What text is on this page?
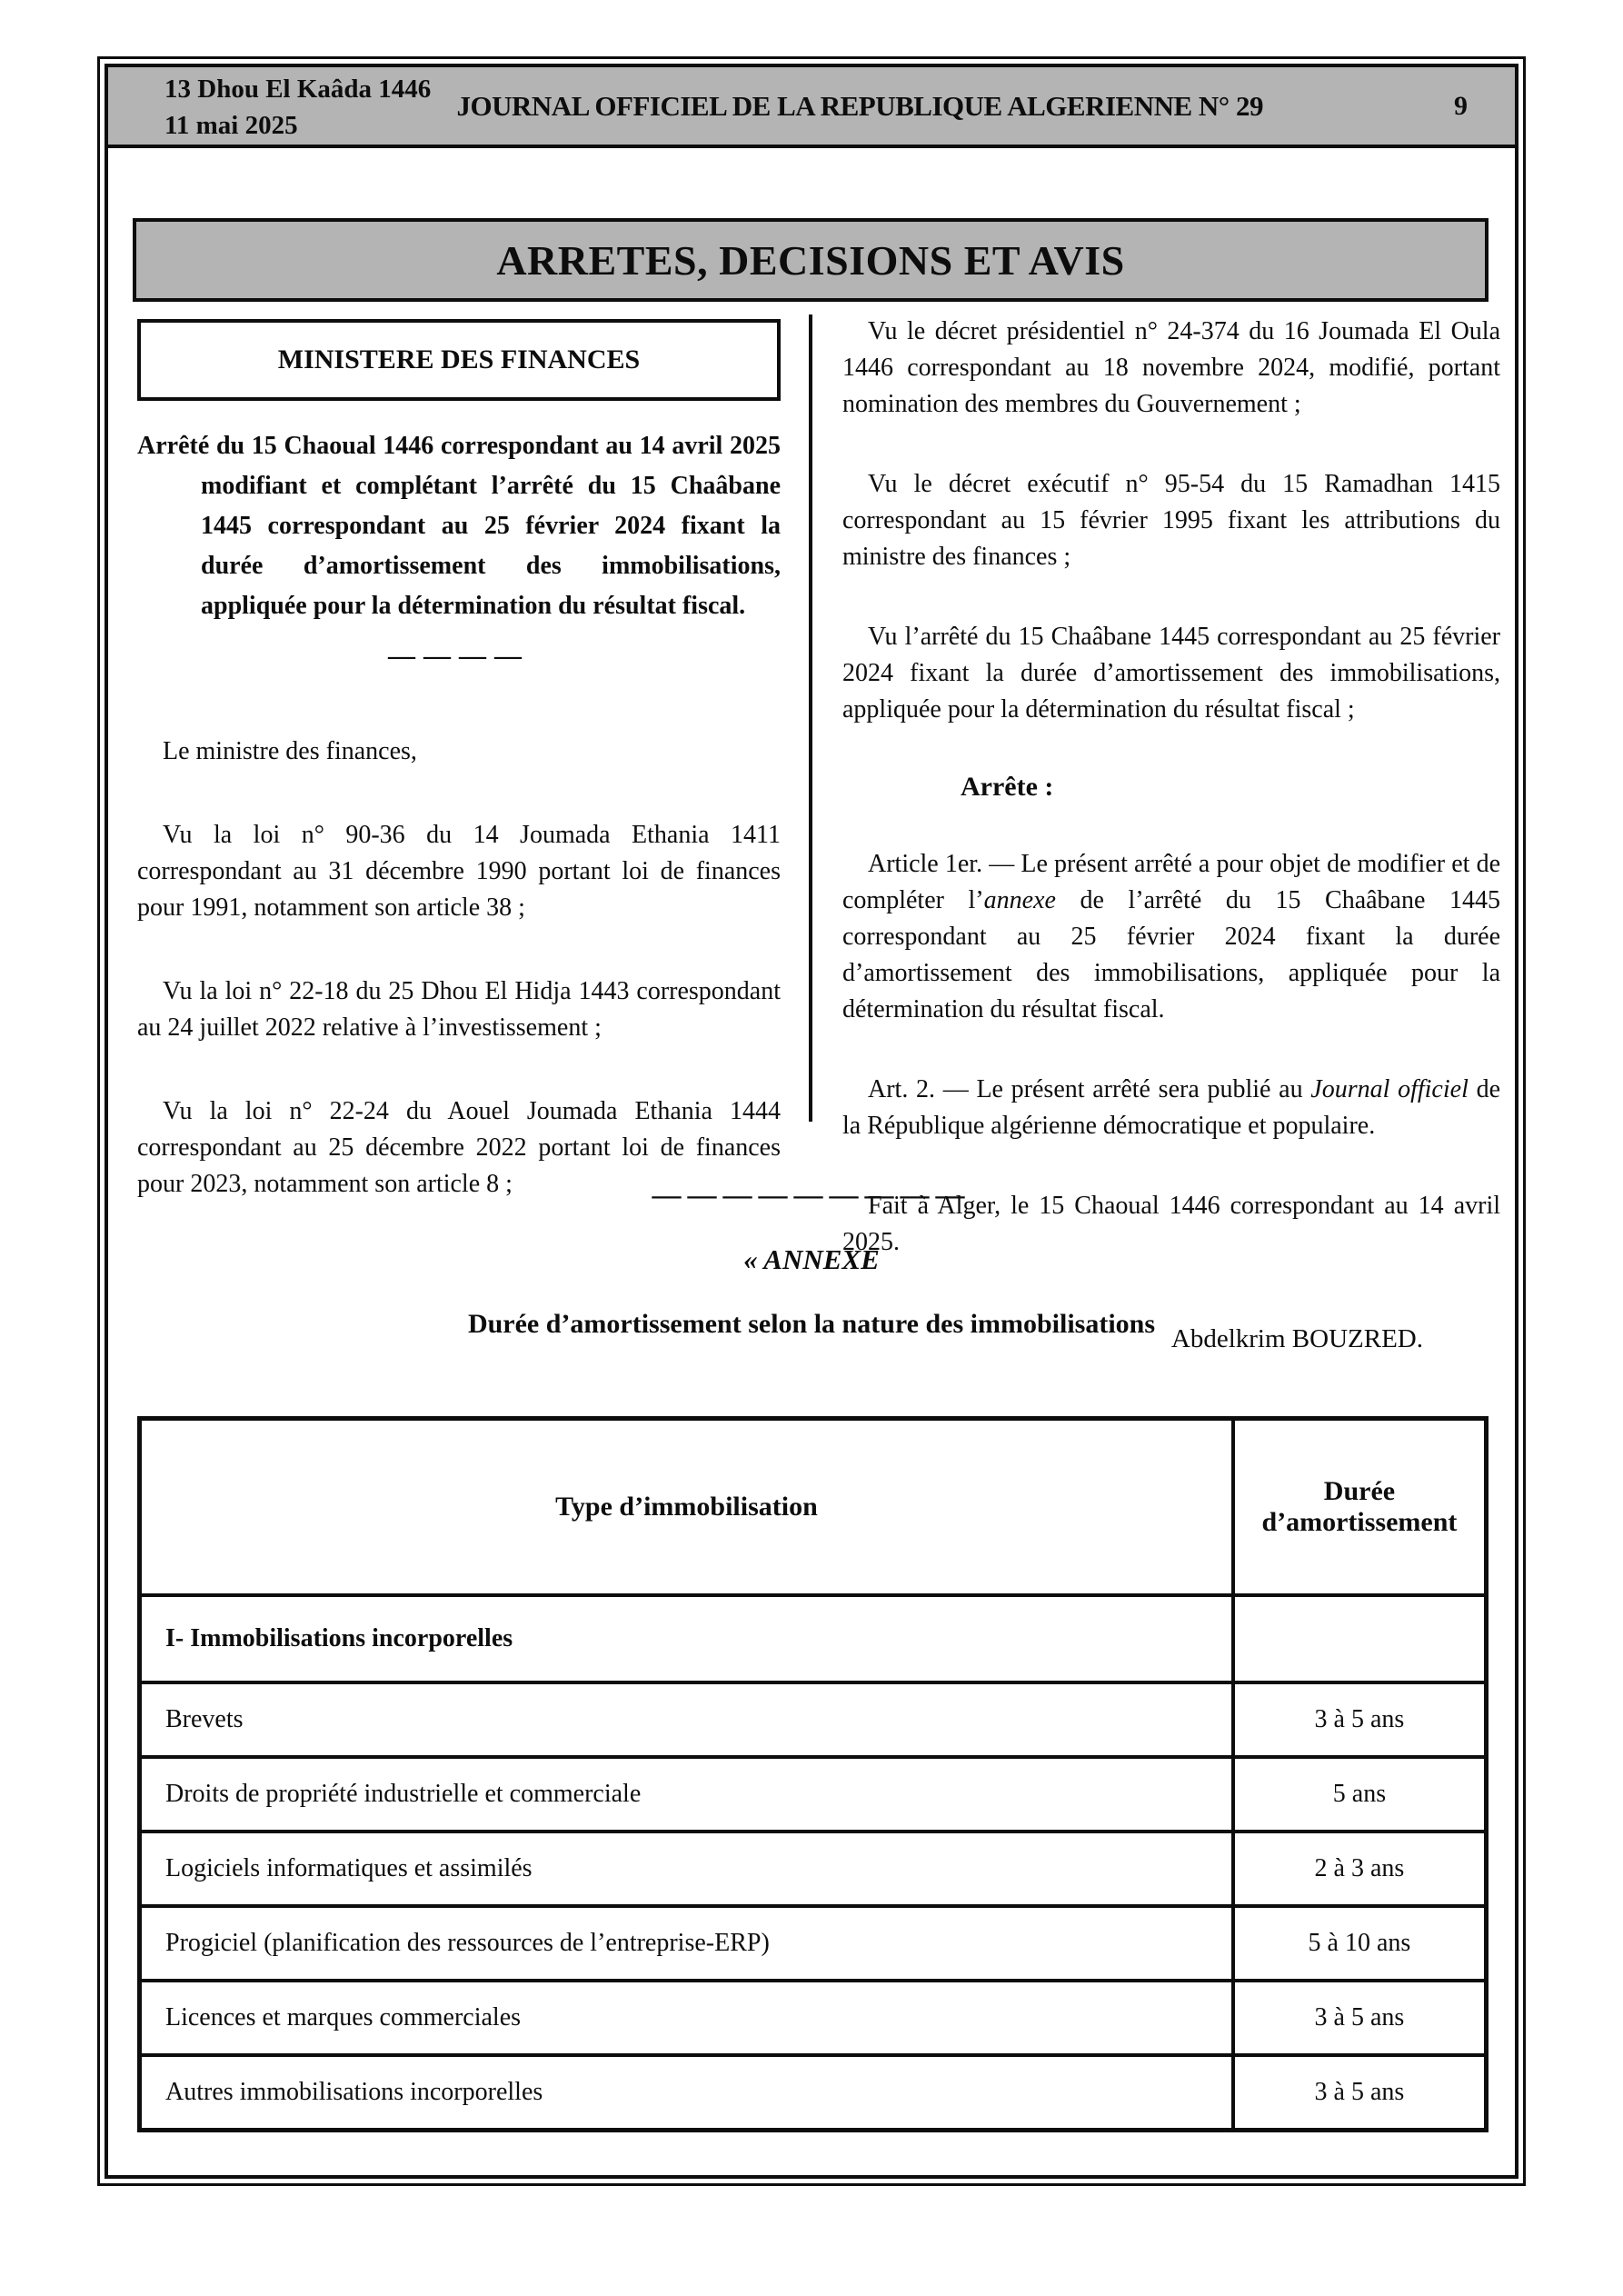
13 Dhou El Kaâda 1446
11 mai 2025
JOURNAL OFFICIEL DE LA REPUBLIQUE ALGERIENNE N° 29	9
ARRETES, DECISIONS ET AVIS
MINISTERE DES FINANCES
Arrêté du 15 Chaoual 1446 correspondant au 14 avril 2025 modifiant et complétant l’arrêté du 15 Chaâbane 1445 correspondant au 25 février 2024 fixant la durée d’amortissement des immobilisations, appliquée pour la détermination du résultat fiscal.
————
Le ministre des finances,

Vu la loi n° 90-36 du 14 Joumada Ethania 1411 correspondant au 31 décembre 1990 portant loi de finances pour 1991, notamment son article 38 ;

Vu la loi n° 22-18 du 25 Dhou El Hidja 1443 correspondant au 24 juillet 2022 relative à l’investissement ;

Vu la loi n° 22-24 du Aouel Joumada Ethania 1444 correspondant au 25 décembre 2022 portant loi de finances pour 2023, notamment son article 8 ;

Vu le décret présidentiel n° 24-374 du 16 Joumada El Oula 1446 correspondant au 18 novembre 2024, modifié, portant nomination des membres du Gouvernement ;

Vu le décret exécutif n° 95-54 du 15 Ramadhan 1415 correspondant au 15 février 1995 fixant les attributions du ministre des finances ;

Vu l’arrêté du 15 Chaâbane 1445 correspondant au 25 février 2024 fixant la durée d’amortissement des immobilisations, appliquée pour la détermination du résultat fiscal ;

Arrête :

Article 1er. — Le présent arrêté a pour objet de modifier et de compléter l’annexe de l’arrêté du 15 Chaâbane 1445 correspondant au 25 février 2024 fixant la durée d’amortissement des immobilisations, appliquée pour la détermination du résultat fiscal.

Art. 2. — Le présent arrêté sera publié au Journal officiel de la République algérienne démocratique et populaire.

Fait à Alger, le 15 Chaoual 1446 correspondant au 14 avril 2025.

Abdelkrim BOUZRED.
—————————
« ANNEXE
Durée d’amortissement selon la nature des immobilisations
Type d’immobilisation	Durée d’amortissement
I- Immobilisations incorporelles	
Brevets	3 à 5 ans
Droits de propriété industrielle et commerciale	5 ans
Logiciels informatiques et assimilés	2 à 3 ans
Progiciel (planification des ressources de l’entreprise-ERP)	5 à 10 ans
Licences et marques commerciales	3 à 5 ans
Autres immobilisations incorporelles	3 à 5 ans
